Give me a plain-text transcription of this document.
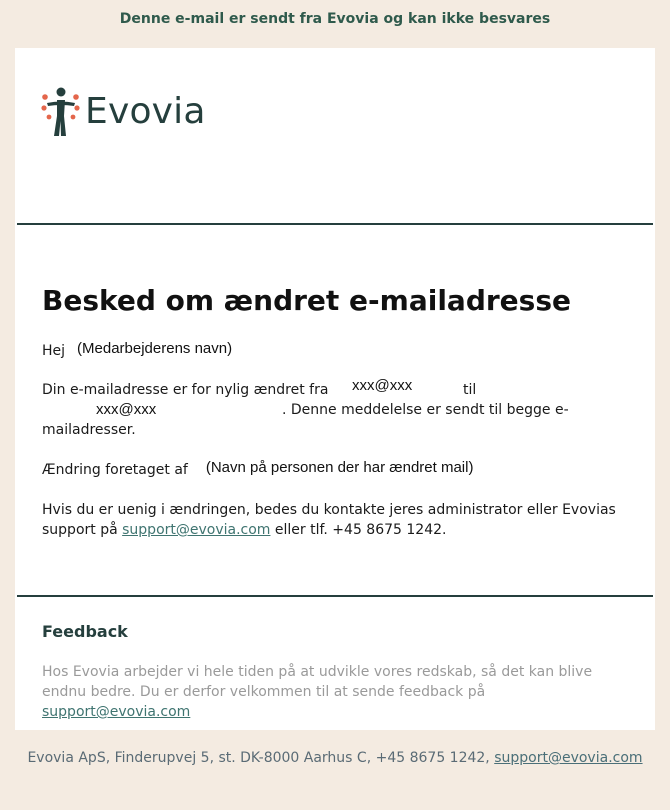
Denne e-mail er sendt fra Evovia og kan ikke besvares
Evovia
Besked om ændret e-mailadresse
Hej (Medarbejderens navn)
Din e-mailadresse er for nylig ændret fra xxx@xxx	til
xxx@xxx	. Denne meddelelse er sendt til begge e-
mailadresser.
Ændring foretaget af (Navn på personen der har ændret mail)
Hvis du er uenig i ændringen, bedes du kontakte jeres administrator eller Evovias support på support@evovia.com eller tlf. +45 8675 1242.
Feedback
Hos Evovia arbejder vi hele tiden på at udvikle vores redskab, så det kan blive endnu bedre. Du er derfor velkommen til at sende feedback på support@evovia.com
Evovia ApS, Finderupvej 5, st. DK-8000 Aarhus C, +45 8675 1242, support@evovia.com
